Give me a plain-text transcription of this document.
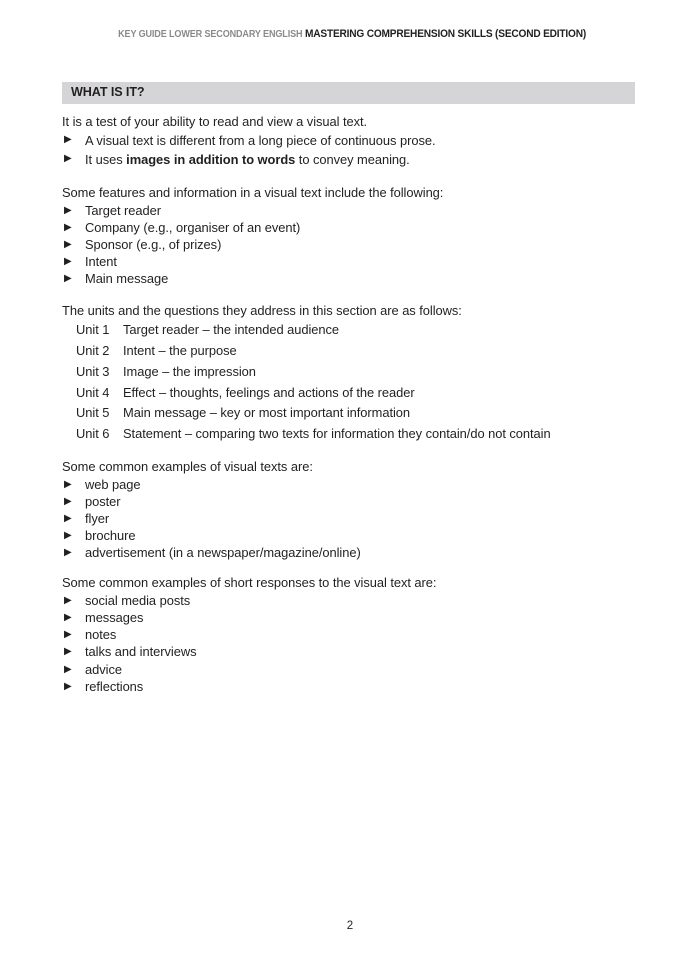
KEY GUIDE LOWER SECONDARY ENGLISH MASTERING COMPREHENSION SKILLS (SECOND EDITION)
WHAT IS IT?

It is a test of your ability to read and view a visual text.

▶ A visual text is different from a long piece of continuous prose.
▶ It uses images in addition to words to convey meaning.

Some features and information in a visual text include the following:

▶ Target reader
▶ Company (e.g., organiser of an event)
▶ Sponsor (e.g., of prizes)
▶ Intent
▶ Main message

The units and the questions they address in this section are as follows:

Unit 1	Target reader – the intended audience
Unit 2	Intent – the purpose
Unit 3	Image – the impression
Unit 4	Effect – thoughts, feelings and actions of the reader
Unit 5	Main message – key or most important information
Unit 6	Statement – comparing two texts for information they contain/do not contain

Some common examples of visual texts are:

▶ web page
▶ poster
▶ flyer
▶ brochure
▶ advertisement (in a newspaper/magazine/online)

Some common examples of short responses to the visual text are:

▶ social media posts
▶ messages
▶ notes
▶ talks and interviews
▶ advice
▶ reflections
2
